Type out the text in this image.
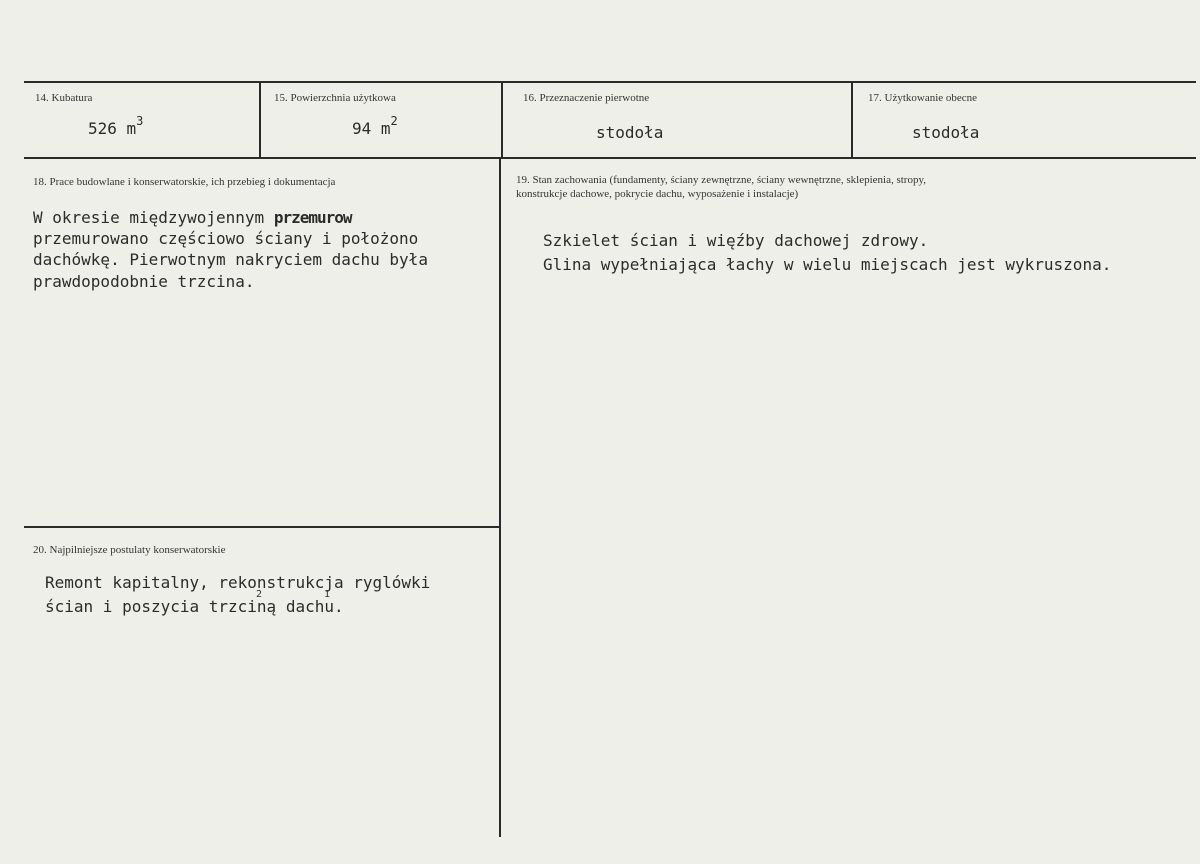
14. Kubatura
526 $m^3$
15. Powierzchnia użytkowa
94 $m^2$
16. Przeznaczenie pierwotne
stodoła
17. Użytkowanie obecne
stodoła
18. Prace budowlane i konserwatorskie, ich przebieg i dokumentacja
W okresie międzywojennym przemurow
przemurowano częściowo ściany i położono
dachówkę. Pierwotnym nakryciem dachu była
prawdopodobnie trzcina.
19. Stan zachowania (fundamenty, ściany zewnętrzne, ściany wewnętrzne, sklepienia, stropy,
konstrukcje dachowe, pokrycie dachu, wyposażenie i instalacje)
Szkielet ścian i więźby dachowej zdrowy.
Glina wypełniająca łachy w wielu miejscach jest wykruszona.
20. Najpilniejsze postulaty konserwatorskie
Remont kapitalny, rekonstrukcja ryglówki
ścian i poszycia trzciną dachu.
2	1
